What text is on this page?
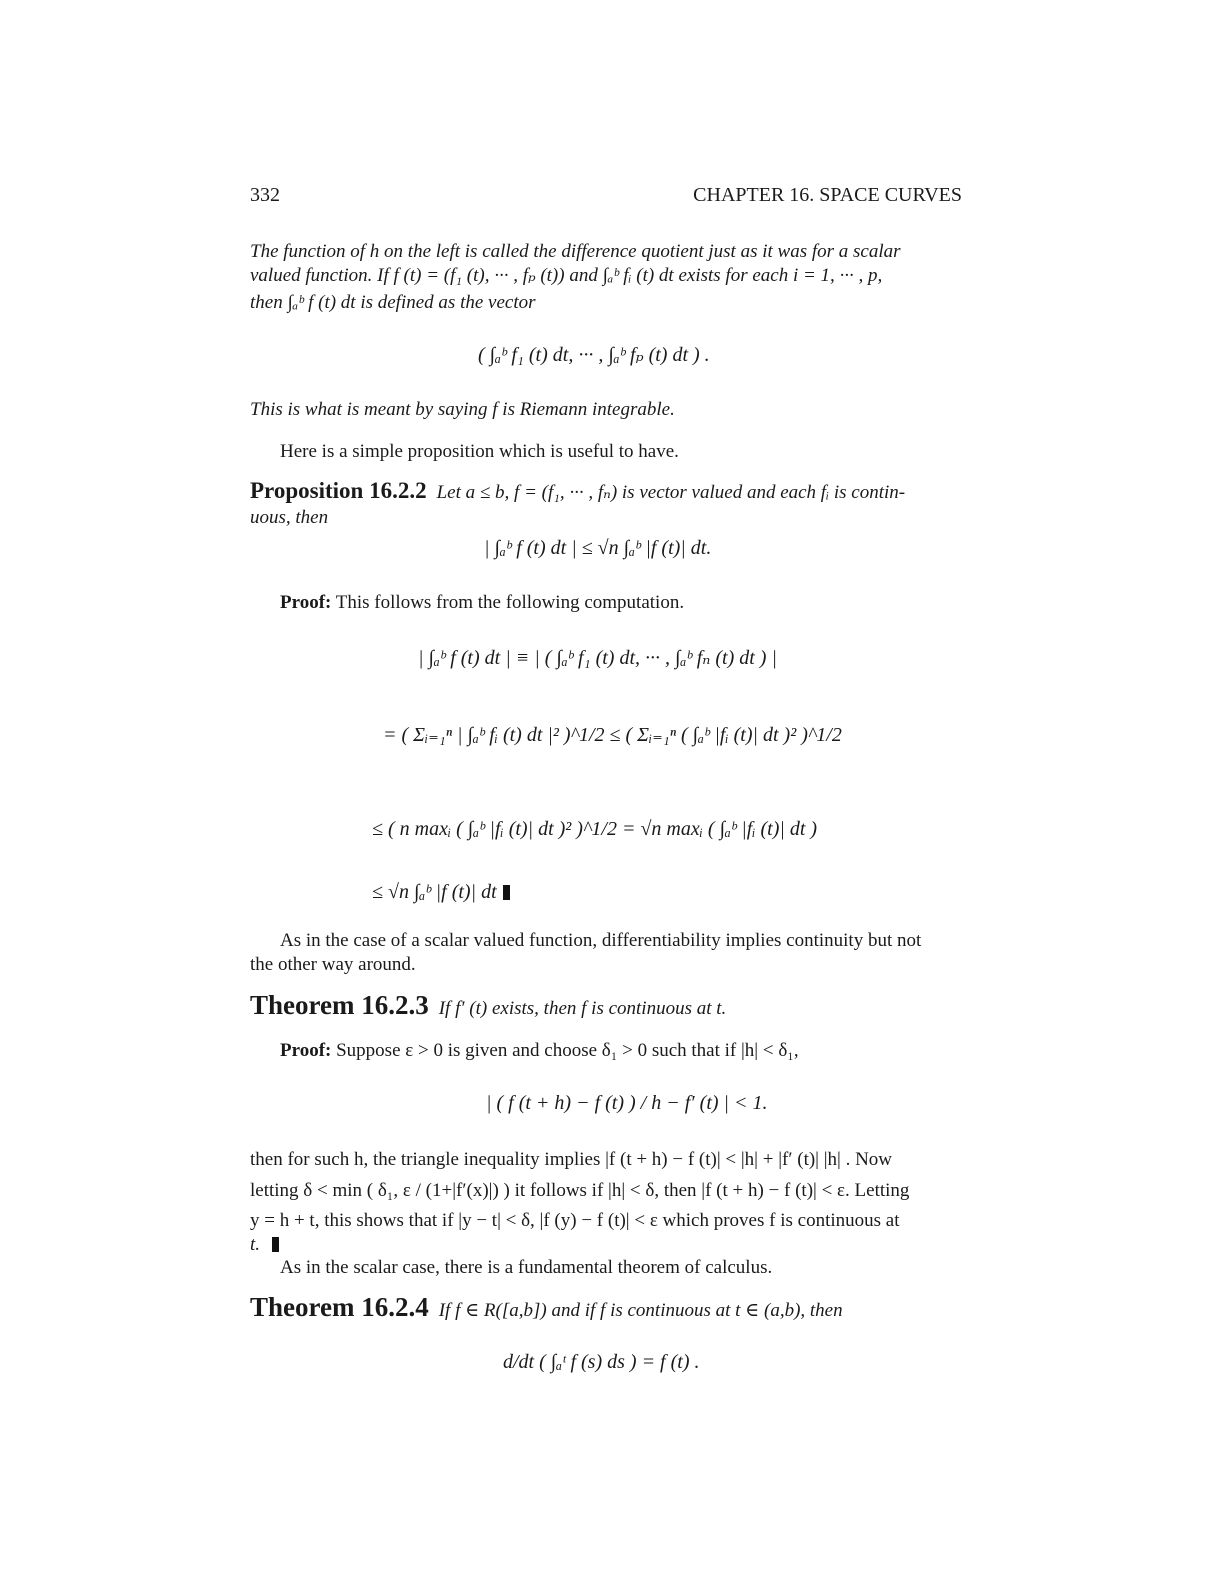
332	CHAPTER 16. SPACE CURVES
The function of h on the left is called the difference quotient just as it was for a scalar
valued function. If f (t) = (f₁ (t), ··· , fₚ (t)) and ∫ₐᵇ fᵢ (t) dt exists for each i = 1, ··· , p,
then ∫ₐᵇ f (t) dt is defined as the vector
( ∫ₐᵇ f₁ (t) dt, ··· , ∫ₐᵇ fₚ (t) dt ) .
This is what is meant by saying f is Riemann integrable.
Here is a simple proposition which is useful to have.
Proposition 16.2.2 Let a ≤ b, f = (f₁, ··· , fₙ) is vector valued and each fᵢ is contin-
uous, then
| ∫ₐᵇ f (t) dt | ≤ √n ∫ₐᵇ |f (t)| dt.
Proof: This follows from the following computation.
| ∫ₐᵇ f (t) dt | ≡ | ( ∫ₐᵇ f₁ (t) dt, ··· , ∫ₐᵇ fₙ (t) dt ) |
= ( Σᵢ₌₁ⁿ | ∫ₐᵇ fᵢ (t) dt |² )^1/2 ≤ ( Σᵢ₌₁ⁿ ( ∫ₐᵇ |fᵢ (t)| dt )² )^1/2
≤ ( n maxᵢ ( ∫ₐᵇ |fᵢ (t)| dt )² )^1/2 = √n maxᵢ ( ∫ₐᵇ |fᵢ (t)| dt )
≤ √n ∫ₐᵇ |f (t)| dt
As in the case of a scalar valued function, differentiability implies continuity but not
the other way around.
Theorem 16.2.3 If f′ (t) exists, then f is continuous at t.
Proof: Suppose ε > 0 is given and choose δ₁ > 0 such that if |h| < δ₁,
| ( f (t + h) − f (t) ) / h − f′ (t) | < 1.
then for such h, the triangle inequality implies |f (t + h) − f (t)| < |h| + |f′ (t)| |h| . Now
letting δ < min ( δ₁, ε / (1+|f′(x)|) ) it follows if |h| < δ, then |f (t + h) − f (t)| < ε. Letting
y = h + t, this shows that if |y − t| < δ, |f (y) − f (t)| < ε which proves f is continuous at
t.
As in the scalar case, there is a fundamental theorem of calculus.
Theorem 16.2.4 If f ∈ R([a,b]) and if f is continuous at t ∈ (a,b), then
d/dt ( ∫ₐᵗ f (s) ds ) = f (t) .
